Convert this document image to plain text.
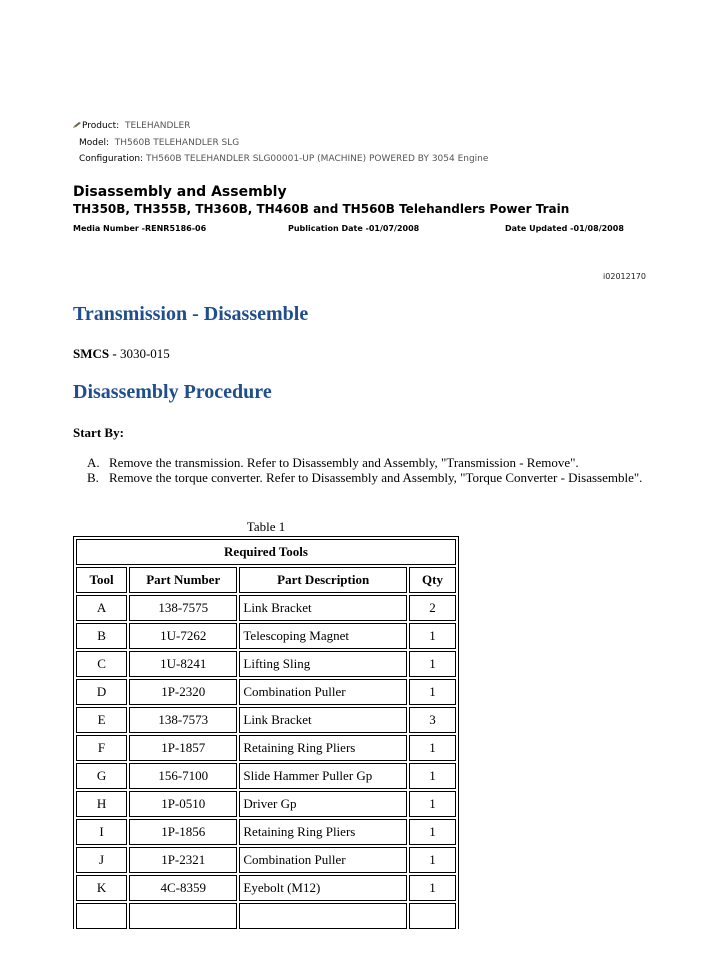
Product: TELEHANDLER
Model: TH560B TELEHANDLER SLG
Configuration: TH560B TELEHANDLER SLG00001-UP (MACHINE) POWERED BY 3054 Engine
Disassembly and Assembly
TH350B, TH355B, TH360B, TH460B and TH560B Telehandlers Power Train
Media Number -RENR5186-06	Publication Date -01/07/2008	Date Updated -01/08/2008
i02012170
Transmission - Disassemble
SMCS - 3030-015
Disassembly Procedure
Start By:
A. Remove the transmission. Refer to Disassembly and Assembly, "Transmission - Remove".
B. Remove the torque converter. Refer to Disassembly and Assembly, "Torque Converter - Disassemble".
Table 1
Required Tools			
Tool	Part Number	Part Description	Qty
A	138-7575	Link Bracket	2
B	1U-7262	Telescoping Magnet	1
C	1U-8241	Lifting Sling	1
D	1P-2320	Combination Puller	1
E	138-7573	Link Bracket	3
F	1P-1857	Retaining Ring Pliers	1
G	156-7100	Slide Hammer Puller Gp	1
H	1P-0510	Driver Gp	1
I	1P-1856	Retaining Ring Pliers	1
J	1P-2321	Combination Puller	1
K	4C-8359	Eyebolt (M12)	1
